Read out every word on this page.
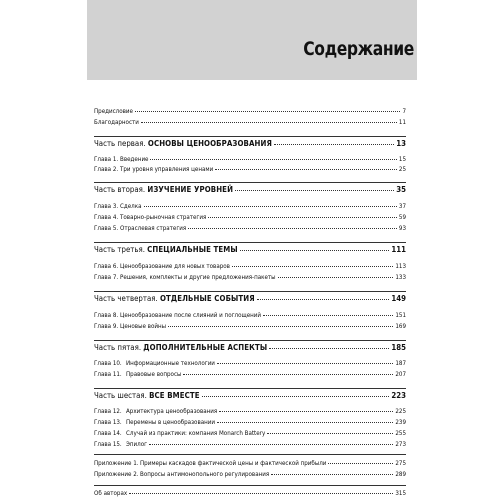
Содержание
Предисловие	7
Благодарности	11
Часть первая. ОСНОВЫ ЦЕНООБРАЗОВАНИЯ	13
Глава 1. Введение	15
Глава 2. Три уровня управления ценами	25
Часть вторая. ИЗУЧЕНИЕ УРОВНЕЙ	35
Глава 3. Сделка	37
Глава 4. Товарно-рыночная стратегия	59
Глава 5. Отраслевая стратегия	93
Часть третья. СПЕЦИАЛЬНЫЕ ТЕМЫ	111
Глава 6. Ценообразование для новых товаров	113
Глава 7. Решения, комплекты и другие предложения-пакеты	133
Часть четвертая. ОТДЕЛЬНЫЕ СОБЫТИЯ	149
Глава 8. Ценообразование после слияний и поглощений	151
Глава 9. Ценовые войны	169
Часть пятая. ДОПОЛНИТЕЛЬНЫЕ АСПЕКТЫ	185
Глава 10. Информационные технологии	187
Глава 11. Правовые вопросы	207
Часть шестая. ВСЕ ВМЕСТЕ	223
Глава 12. Архитектура ценообразования	225
Глава 13. Перемены в ценообразовании	239
Глава 14. Случай из практики: компания Monarch Battery	255
Глава 15. Эпилог	273
Приложение 1. Примеры каскадов фактической цены и фактической прибыли	275
Приложение 2. Вопросы антимонопольного регулирования	289
Об авторах	315
